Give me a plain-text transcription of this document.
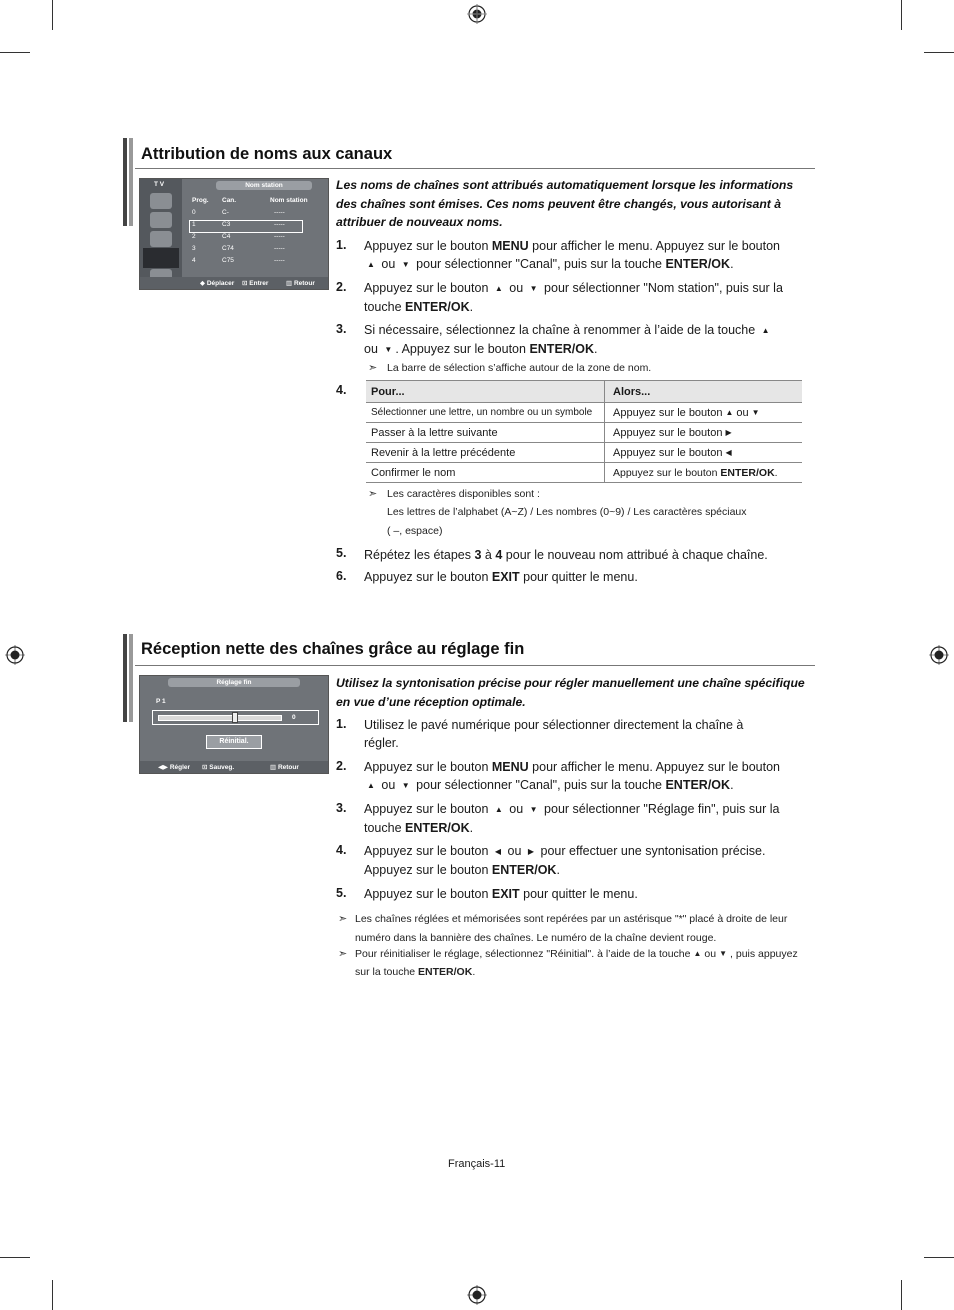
Attribution de noms aux canaux
T V	Nom station
Prog. Can.	Nom station
0	C-	-----
1	C3	-----
2	C4	-----
3	C74	-----
4	C75	-----
◆ Déplacer ⊡ Entrer	▥ Retour
Les noms de chaînes sont attribués automatiquement lorsque les informations des chaînes sont émises. Ces noms peuvent être changés, vous autorisant à attribuer de nouveaux noms.
1. Appuyez sur le bouton MENU pour afficher le menu. Appuyez sur le bouton ▲ ou ▼ pour sélectionner "Canal", puis sur la touche ENTER/OK.
2. Appuyez sur le bouton ▲ ou ▼ pour sélectionner "Nom station", puis sur la touche ENTER/OK.
3. Si nécessaire, sélectionnez la chaîne à renommer à l’aide de la touche ▲ ou ▼ . Appuyez sur le bouton ENTER/OK.
➣ La barre de sélection s’affiche autour de la zone de nom.
4. Pour...	Alors...
Sélectionner une lettre, un nombre ou un symbole	Appuyez sur le bouton ▲ ou ▼
Passer à la lettre suivante	Appuyez sur le bouton ▶
Revenir à la lettre précédente	Appuyez sur le bouton ◀
Confirmer le nom	Appuyez sur le bouton ENTER/OK.
➣ Les caractères disponibles sont :
Les lettres de l’alphabet (A~Z) / Les nombres (0~9) / Les caractères spéciaux
( –, espace)
5. Répétez les étapes 3 à 4 pour le nouveau nom attribué à chaque chaîne.
6. Appuyez sur le bouton EXIT pour quitter le menu.
Réception nette des chaînes grâce au réglage fin
Réglage fin
P 1
0
Réinitial.
◀▶ Régler ⊡ Sauveg.	▥ Retour
Utilisez la syntonisation précise pour régler manuellement une chaîne spécifique en vue d’une réception optimale.
1. Utilisez le pavé numérique pour sélectionner directement la chaîne à régler.
2. Appuyez sur le bouton MENU pour afficher le menu. Appuyez sur le bouton ▲ ou ▼ pour sélectionner "Canal", puis sur la touche ENTER/OK.
3. Appuyez sur le bouton ▲ ou ▼ pour sélectionner "Réglage fin", puis sur la touche ENTER/OK.
4. Appuyez sur le bouton ◀ ou ▶ pour effectuer une syntonisation précise. Appuyez sur le bouton ENTER/OK.
5. Appuyez sur le bouton EXIT pour quitter le menu.
➣ Les chaînes réglées et mémorisées sont repérées par un astérisque "*" placé à droite de leur
numéro dans la bannière des chaînes. Le numéro de la chaîne devient rouge.
➣ Pour réinitialiser le réglage, sélectionnez "Réinitial". à l’aide de la touche ▲ ou ▼ , puis appuyez
sur la touche ENTER/OK.
Français-11
